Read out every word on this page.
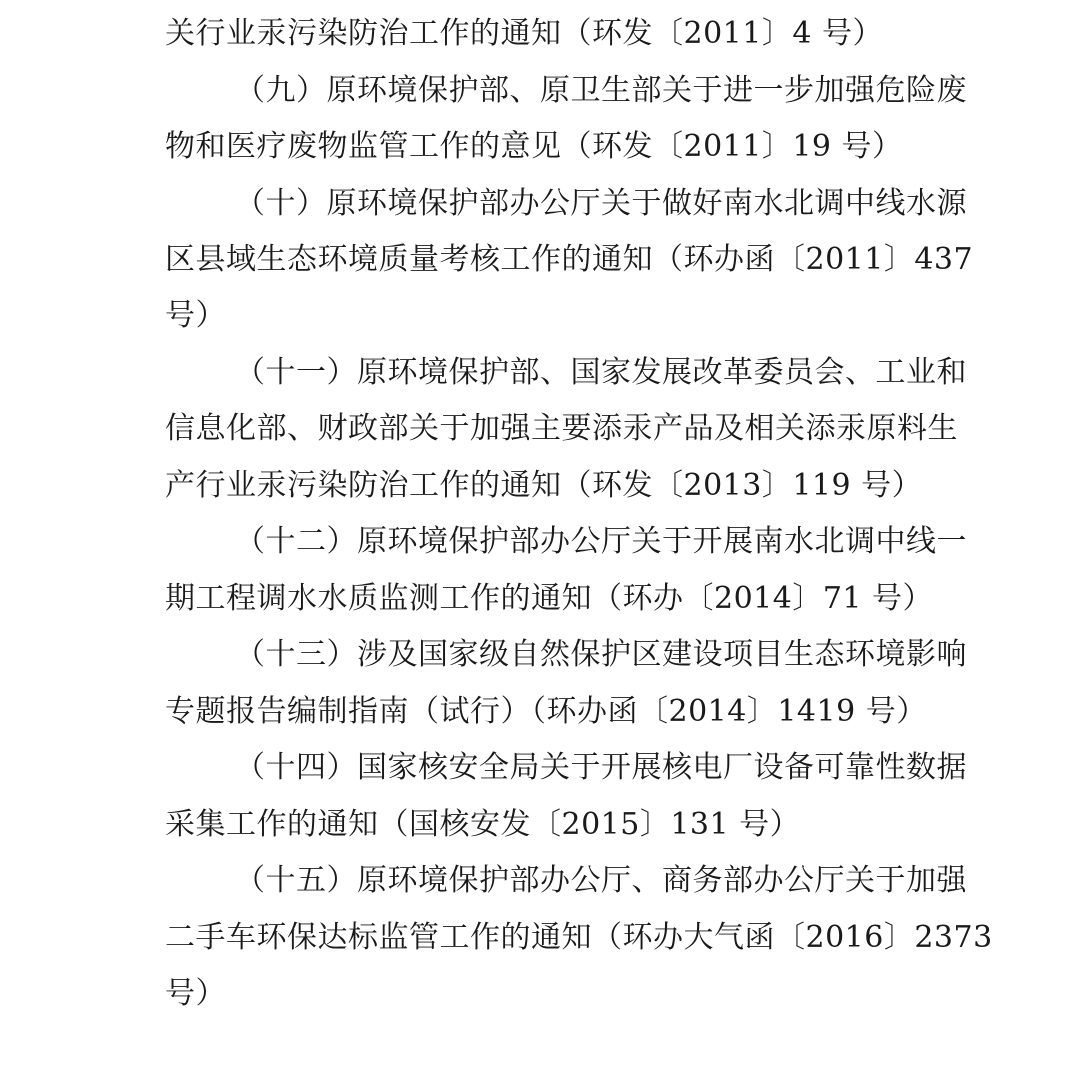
关行业汞污染防治工作的通知（环发〔2011〕4 号）
（九）原环境保护部、原卫生部关于进一步加强危险废
物和医疗废物监管工作的意见（环发〔2011〕19 号）
（十）原环境保护部办公厅关于做好南水北调中线水源
区县域生态环境质量考核工作的通知（环办函〔2011〕437
号）
（十一）原环境保护部、国家发展改革委员会、工业和
信息化部、财政部关于加强主要添汞产品及相关添汞原料生
产行业汞污染防治工作的通知（环发〔2013〕119 号）
（十二）原环境保护部办公厅关于开展南水北调中线一
期工程调水水质监测工作的通知（环办〔2014〕71 号）
（十三）涉及国家级自然保护区建设项目生态环境影响
专题报告编制指南（试行）（环办函〔2014〕1419 号）
（十四）国家核安全局关于开展核电厂设备可靠性数据
采集工作的通知（国核安发〔2015〕131 号）
（十五）原环境保护部办公厅、商务部办公厅关于加强
二手车环保达标监管工作的通知（环办大气函〔2016〕2373
号）
